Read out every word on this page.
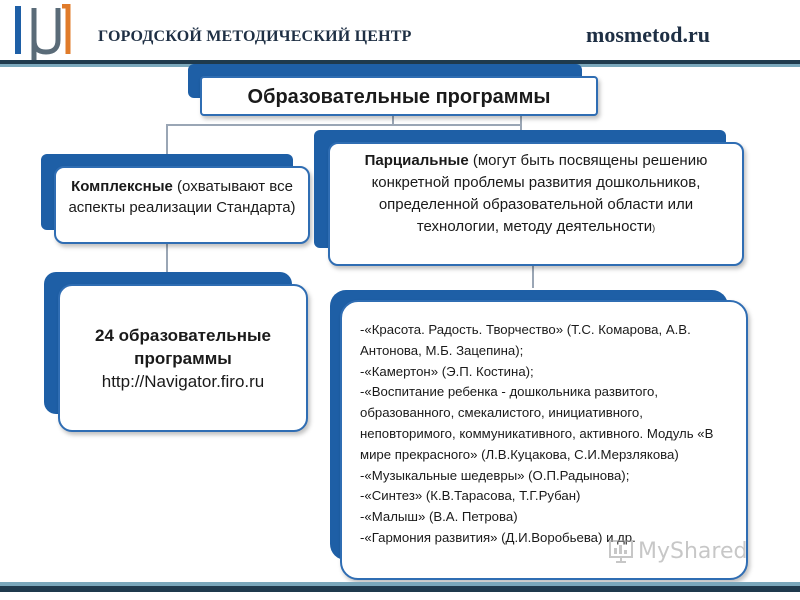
ГОРОДСКОЙ МЕТОДИЧЕСКИЙ ЦЕНТР	mosmetod.ru
Образовательные программы
Комплексные (охватывают все аспекты реализации Стандарта)
Парциальные (могут быть посвящены решению конкретной проблемы развития дошкольников, определенной образовательной области или технологии, методу деятельности)
24 образовательные программы
http://Navigator.firo.ru
-«Красота. Радость. Творчество» (Т.С. Комарова, А.В. Антонова, М.Б. Зацепина);
-«Камертон» (Э.П. Костина);
-«Воспитание ребенка - дошкольника развитого, образованного, смекалистого, инициативного, неповторимого, коммуникативного, активного. Модуль «В мире прекрасного» (Л.В.Куцакова, С.И.Мерзлякова)
-«Музыкальные шедевры» (О.П.Радынова);
-«Синтез» (К.В.Тарасова, Т.Г.Рубан)
-«Малыш» (В.А. Петрова)
-«Гармония развития» (Д.И.Воробьева) и др.
MyShared
